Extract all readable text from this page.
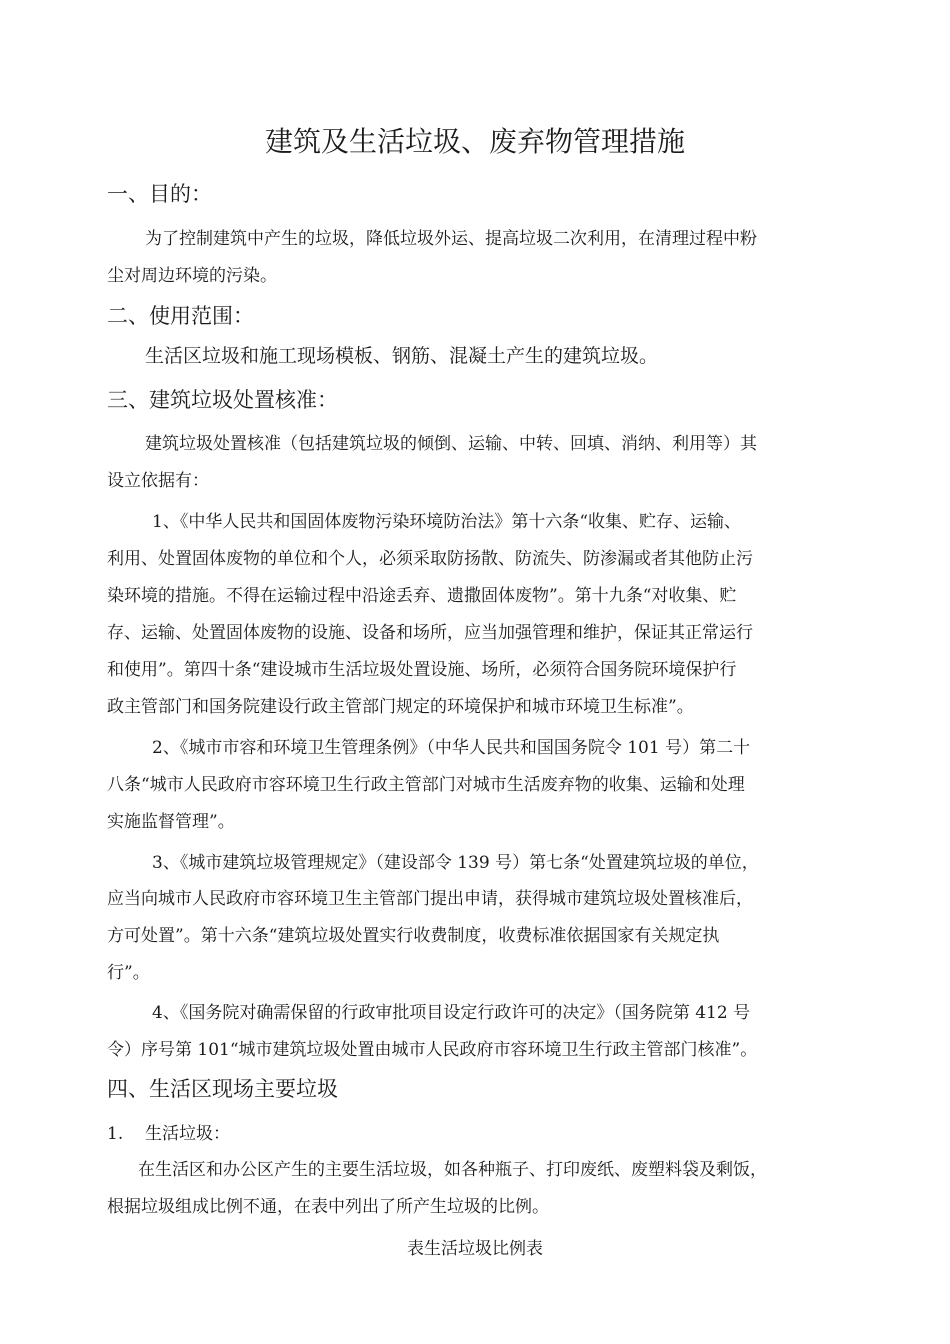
建筑及生活垃圾、废弃物管理措施
一、目的：
为了控制建筑中产生的垃圾，降低垃圾外运、提高垃圾二次利用，在清理过程中粉
尘对周边环境的污染。
二、使用范围：
生活区垃圾和施工现场模板、钢筋、混凝土产生的建筑垃圾。
三、建筑垃圾处置核准：
建筑垃圾处置核准（包括建筑垃圾的倾倒、运输、中转、回填、消纳、利用等）其
设立依据有：
1、《中华人民共和国固体废物污染环境防治法》第十六条“收集、贮存、运输、
利用、处置固体废物的单位和个人，必须采取防扬散、防流失、防渗漏或者其他防止污
染环境的措施。不得在运输过程中沿途丢弃、遗撒固体废物”。第十九条“对收集、贮
存、运输、处置固体废物的设施、设备和场所，应当加强管理和维护，保证其正常运行
和使用”。第四十条“建设城市生活垃圾处置设施、场所，必须符合国务院环境保护行
政主管部门和国务院建设行政主管部门规定的环境保护和城市环境卫生标准”。
2、《城市市容和环境卫生管理条例》（中华人民共和国国务院令 101 号）第二十
八条“城市人民政府市容环境卫生行政主管部门对城市生活废弃物的收集、运输和处理
实施监督管理”。
3、《城市建筑垃圾管理规定》（建设部令 139 号）第七条“处置建筑垃圾的单位，
应当向城市人民政府市容环境卫生主管部门提出申请，获得城市建筑垃圾处置核准后，
方可处置”。第十六条“建筑垃圾处置实行收费制度，收费标准依据国家有关规定执
行”。
4、《国务院对确需保留的行政审批项目设定行政许可的决定》（国务院第 412 号
令）序号第 101“城市建筑垃圾处置由城市人民政府市容环境卫生行政主管部门核准”。
四、生活区现场主要垃圾
1. 生活垃圾：
在生活区和办公区产生的主要生活垃圾，如各种瓶子、打印废纸、废塑料袋及剩饭，
根据垃圾组成比例不通，在表中列出了所产生垃圾的比例。
表生活垃圾比例表
